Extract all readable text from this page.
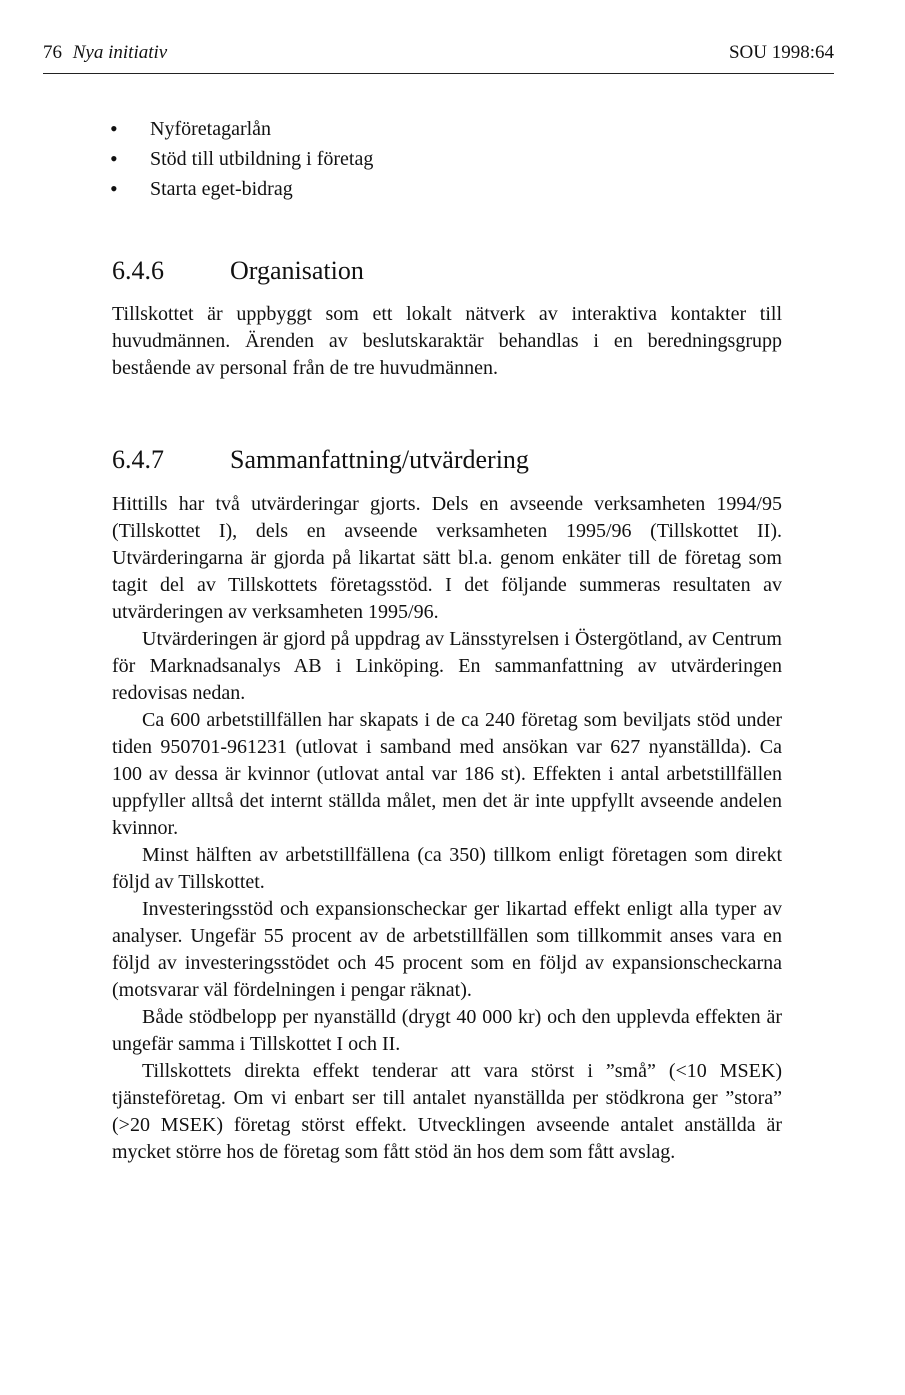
76 Nya initiativ	SOU 1998:64
• Nyföretagarlån
• Stöd till utbildning i företag
• Starta eget-bidrag
6.4.6	Organisation

Tillskottet är uppbyggt som ett lokalt nätverk av interaktiva kontakter till huvudmännen. Ärenden av beslutskaraktär behandlas i en beredningsgrupp bestående av personal från de tre huvudmännen.

6.4.7	Sammanfattning/utvärdering

Hittills har två utvärderingar gjorts. Dels en avseende verksamheten 1994/95 (Tillskottet I), dels en avseende verksamheten 1995/96 (Tillskottet II). Utvärderingarna är gjorda på likartat sätt bl.a. genom enkäter till de företag som tagit del av Tillskottets företagsstöd. I det följande summeras resultaten av utvärderingen av verksamheten 1995/96.

Utvärderingen är gjord på uppdrag av Länsstyrelsen i Östergötland, av Centrum för Marknadsanalys AB i Linköping. En sammanfattning av utvärderingen redovisas nedan.

Ca 600 arbetstillfällen har skapats i de ca 240 företag som beviljats stöd under tiden 950701-961231 (utlovat i samband med ansökan var 627 nyanställda). Ca 100 av dessa är kvinnor (utlovat antal var 186 st). Effekten i antal arbetstillfällen uppfyller alltså det internt ställda målet, men det är inte uppfyllt avseende andelen kvinnor.

Minst hälften av arbetstillfällena (ca 350) tillkom enligt företagen som direkt följd av Tillskottet.

Investeringsstöd och expansionscheckar ger likartad effekt enligt alla typer av analyser. Ungefär 55 procent av de arbetstillfällen som tillkommit anses vara en följd av investeringsstödet och 45 procent som en följd av expansionscheckarna (motsvarar väl fördelningen i pengar räknat).

Både stödbelopp per nyanställd (drygt 40 000 kr) och den upplevda effekten är ungefär samma i Tillskottet I och II.

Tillskottets direkta effekt tenderar att vara störst i ”små” (<10 MSEK) tjänsteföretag. Om vi enbart ser till antalet nyanställda per stödkrona ger ”stora” (>20 MSEK) företag störst effekt. Utvecklingen avseende antalet anställda är mycket större hos de företag som fått stöd än hos dem som fått avslag.
